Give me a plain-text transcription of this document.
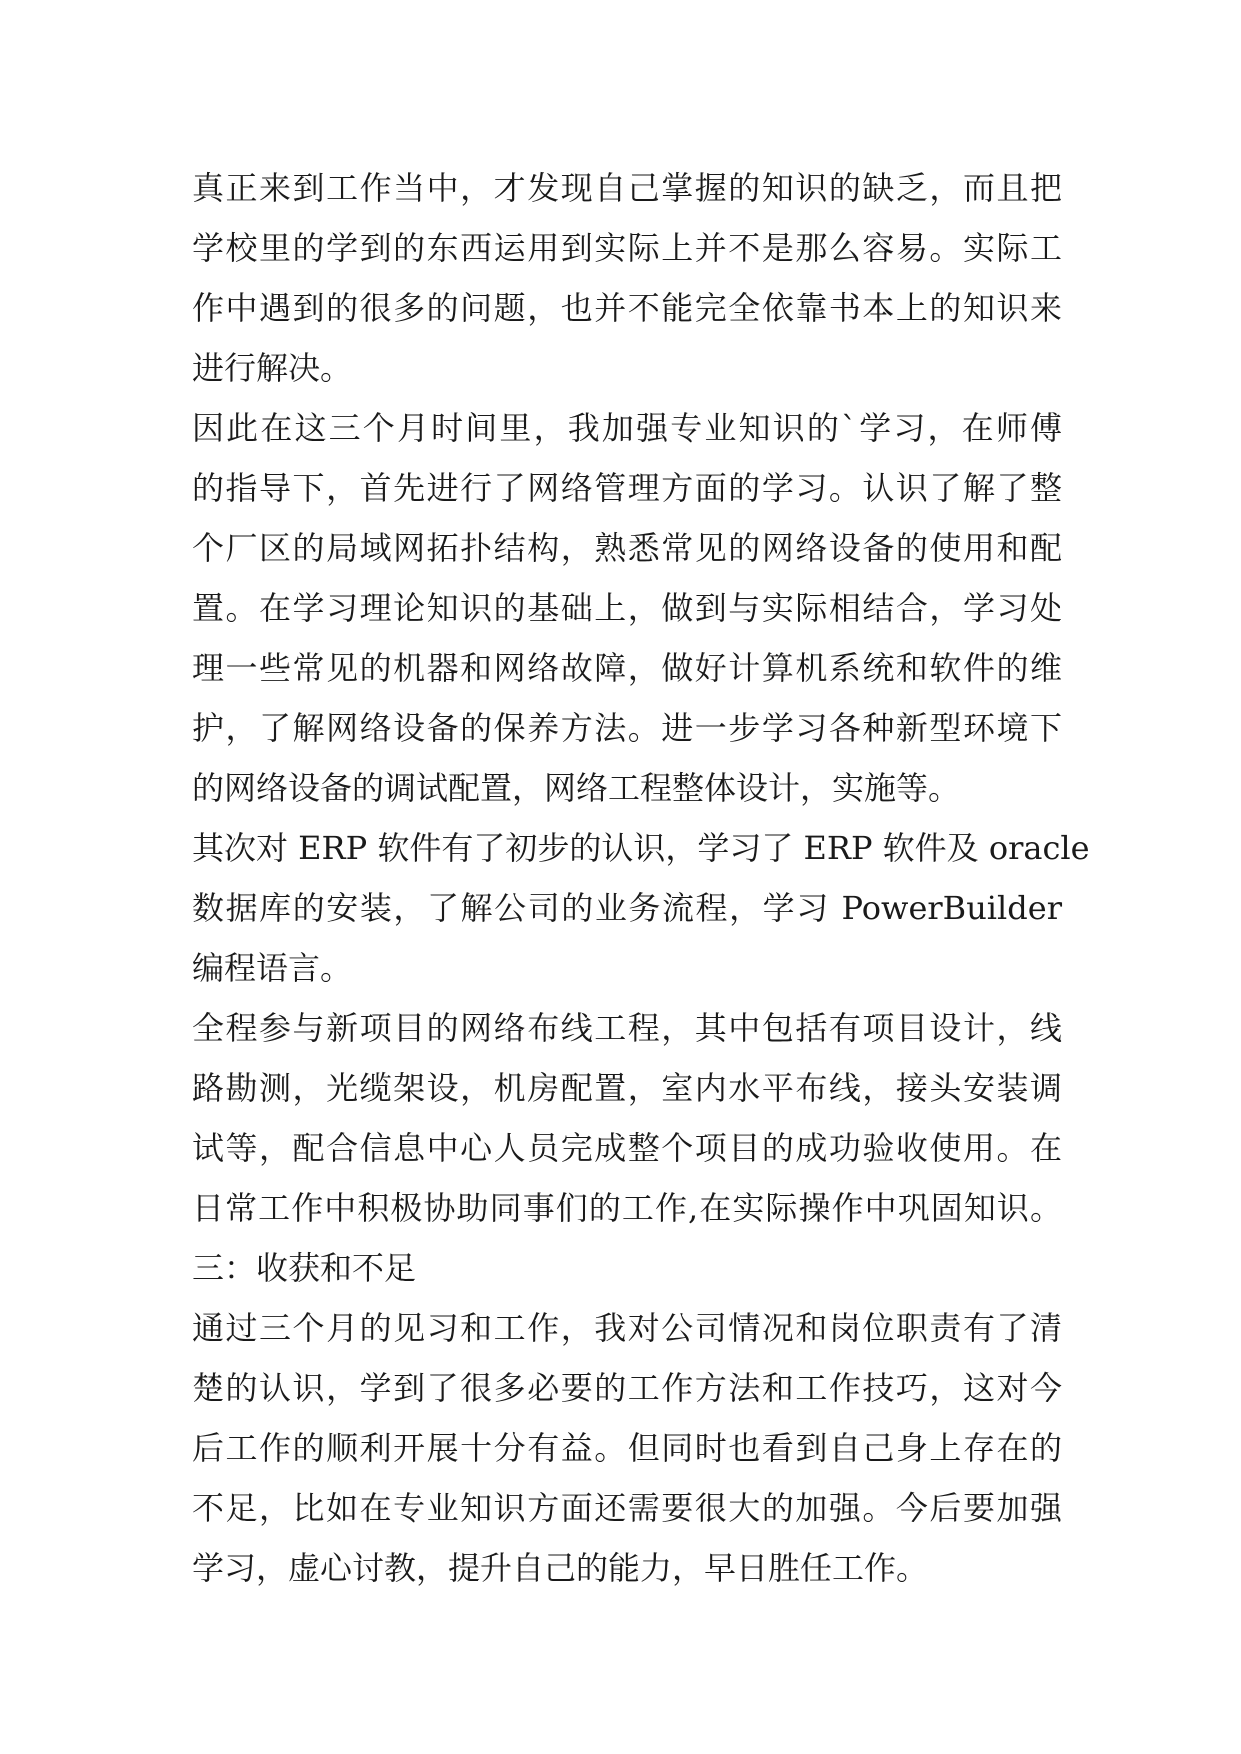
真正来到工作当中，才发现自己掌握的知识的缺乏，而且把
学校里的学到的东西运用到实际上并不是那么容易。实际工
作中遇到的很多的问题，也并不能完全依靠书本上的知识来
进行解决。
因此在这三个月时间里，我加强专业知识的`学习，在师傅
的指导下，首先进行了网络管理方面的学习。认识了解了整
个厂区的局域网拓扑结构，熟悉常见的网络设备的使用和配
置。在学习理论知识的基础上，做到与实际相结合，学习处
理一些常见的机器和网络故障，做好计算机系统和软件的维
护，了解网络设备的保养方法。进一步学习各种新型环境下
的网络设备的调试配置，网络工程整体设计，实施等。
其次对 ERP 软件有了初步的认识，学习了 ERP 软件及 oracle
数据库的安装，了解公司的业务流程，学习 PowerBuilder
编程语言。
全程参与新项目的网络布线工程，其中包括有项目设计，线
路勘测，光缆架设，机房配置，室内水平布线，接头安装调
试等，配合信息中心人员完成整个项目的成功验收使用。在
日常工作中积极协助同事们的工作,在实际操作中巩固知识。
三：收获和不足
通过三个月的见习和工作，我对公司情况和岗位职责有了清
楚的认识，学到了很多必要的工作方法和工作技巧，这对今
后工作的顺利开展十分有益。但同时也看到自己身上存在的
不足，比如在专业知识方面还需要很大的加强。今后要加强
学习，虚心讨教，提升自己的能力，早日胜任工作。
